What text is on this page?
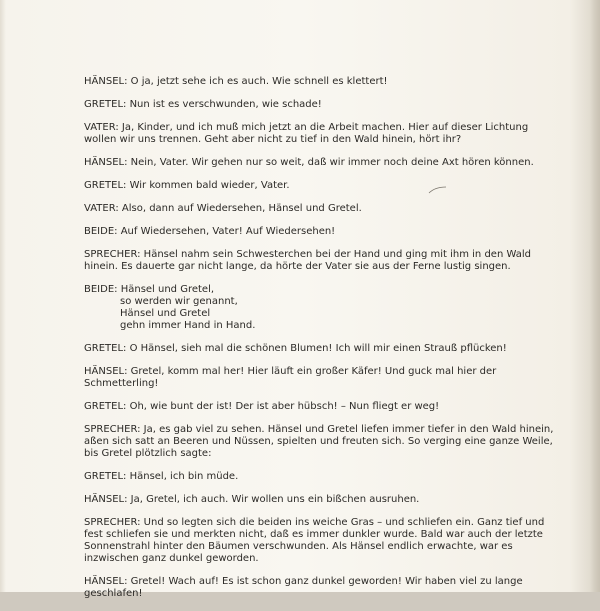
HÄNSEL: O ja, jetzt sehe ich es auch. Wie schnell es klettert!

GRETEL: Nun ist es verschwunden, wie schade!

VATER: Ja, Kinder, und ich muß mich jetzt an die Arbeit machen. Hier auf dieser Lichtung wollen wir uns trennen. Geht aber nicht zu tief in den Wald hinein, hört ihr?

HÄNSEL: Nein, Vater. Wir gehen nur so weit, daß wir immer noch deine Axt hören können.

GRETEL: Wir kommen bald wieder, Vater.

VATER: Also, dann auf Wiedersehen, Hänsel und Gretel.

BEIDE: Auf Wiedersehen, Vater! Auf Wiedersehen!

SPRECHER: Hänsel nahm sein Schwesterchen bei der Hand und ging mit ihm in den Wald hinein. Es dauerte gar nicht lange, da hörte der Vater sie aus der Ferne lustig singen.

BEIDE: Hänsel und Gretel,
so werden wir genannt,
Hänsel und Gretel
gehn immer Hand in Hand.

GRETEL: O Hänsel, sieh mal die schönen Blumen! Ich will mir einen Strauß pflücken!

HÄNSEL: Gretel, komm mal her! Hier läuft ein großer Käfer! Und guck mal hier der Schmetterling!

GRETEL: Oh, wie bunt der ist! Der ist aber hübsch! – Nun fliegt er weg!

SPRECHER: Ja, es gab viel zu sehen. Hänsel und Gretel liefen immer tiefer in den Wald hinein, aßen sich satt an Beeren und Nüssen, spielten und freuten sich. So verging eine ganze Weile, bis Gretel plötzlich sagte:

GRETEL: Hänsel, ich bin müde.

HÄNSEL: Ja, Gretel, ich auch. Wir wollen uns ein bißchen ausruhen.

SPRECHER: Und so legten sich die beiden ins weiche Gras – und schliefen ein. Ganz tief und fest schliefen sie und merkten nicht, daß es immer dunkler wurde. Bald war auch der letzte Sonnenstrahl hinter den Bäumen verschwunden. Als Hänsel endlich erwachte, war es inzwischen ganz dunkel geworden.

HÄNSEL: Gretel! Wach auf! Es ist schon ganz dunkel geworden! Wir haben viel zu lange geschlafen!
